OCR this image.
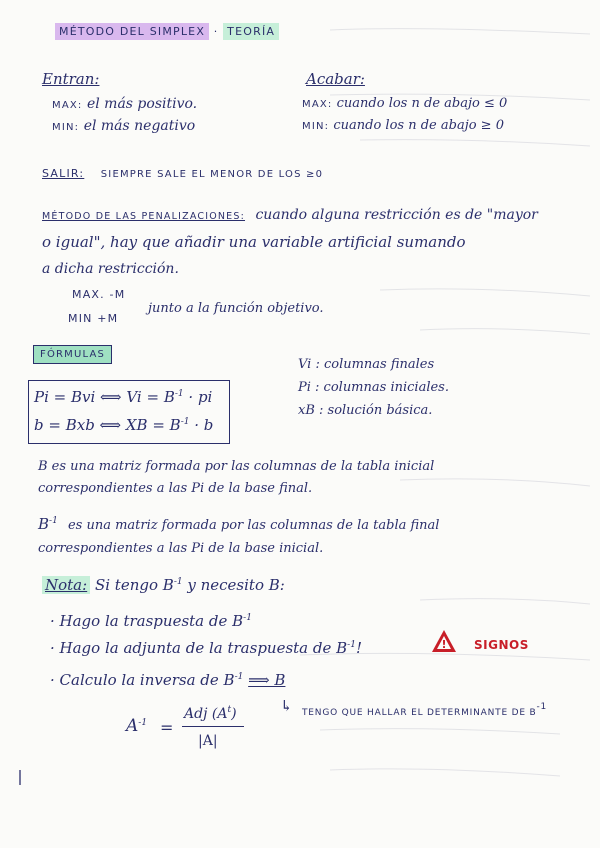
MÉTODO DEL SIMPLEX · TEORÍA
Entran:
MAX: el más positivo.
MIN: el más negativo
Acabar:
MAX: cuando los n de abajo ≤ 0
MIN: cuando los n de abajo ≥ 0
SALIR: SIEMPRE SALE EL MENOR DE LOS ≥0
MÉTODO DE LAS PENALIZACIONES: cuando alguna restricción es de "mayor
o igual", hay que añadir una variable artificial sumando
a dicha restricción.
MAX. -M
MIN +M
junto a la función objetivo.
FÓRMULAS
Pi = Bvi ⟺ $Vi = B^{-1}$ · pi
b = Bxb ⟺ XB = $B^{-1} \cdot b$
Vi : columnas finales
Pi : columnas iniciales.
xB : solución básica.
B es una matriz formada por las columnas de la tabla inicial
correspondientes a las Pi de la base final.
$B^{-1}$ es una matriz formada por las columnas de la tabla final
correspondientes a las Pi de la base inicial.
Nota: Si tengo $B^{-1}$ y necesito B:
· Hago la traspuesta de $B^{-1}$
· Hago la adjunta de la traspuesta de $B^{-1}$!	! SIGNOS
· Calculo la inversa de $B^{-1}$ ⟹ B
↳ TENGO QUE HALLAR EL DETERMINANTE DE B-1
$A^{-1}$ =
Adj $(A^t)$
|A|
